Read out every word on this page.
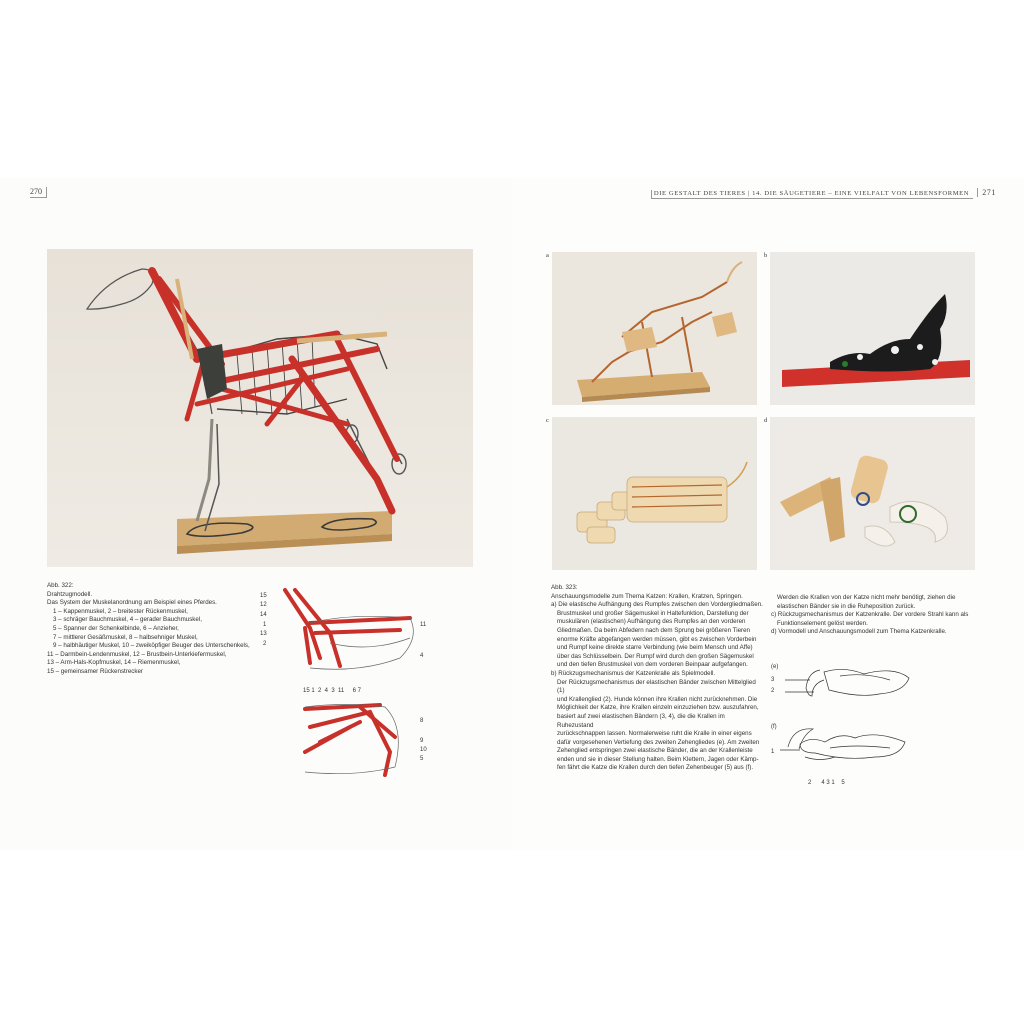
270	DIE GESTALT DES TIERES | 14. DIE SÄUGETIERE – EINE VIELFALT VON LEBENSFORMEN 271
a	b
c	d
Abb. 322:
Drahtzugmodell.
Das System der Muskelanordnung am Beispiel eines Pferdes.
1 – Kappenmuskel, 2 – breitester Rückenmuskel,
3 – schräger Bauchmuskel, 4 – gerader Bauchmuskel,
5 – Spanner der Schenkelbinde, 6 – Anzieher,
7 – mittlerer Gesäßmuskel, 8 – halbsehniger Muskel,
9 – halbhäutiger Muskel, 10 – zweiköpfiger Beuger des Unterschenkels,
11 – Darmbein-Lendenmuskel, 12 – Brustbein-Unterkiefermuskel,
13 – Arm-Hals-Kopfmuskel, 14 – Riemenmuskel,
15 – gemeinsamer Rückenstrecker
15
12
14
1
13
2
11
4
15 1  2  4  3  11     6 7
8
9
10
5
Abb. 323:
Anschauungsmodelle zum Thema Katzen: Krallen, Kratzen, Springen.
a) Die elastische Aufhängung des Rumpfes zwischen den Vordergliedmaßen.
Brustmuskel und großer Sägemuskel in Haltefunktion, Darstellung der
muskulären (elastischen) Aufhängung des Rumpfes an den vorderen
Gliedmaßen. Da beim Abfedern nach dem Sprung bei größeren Tieren
enorme Kräfte abgefangen werden müssen, gibt es zwischen Vorderbein
und Rumpf keine direkte starre Verbindung (wie beim Mensch und Affe)
über das Schlüsselbein. Der Rumpf wird durch den großen Sägemuskel
und den tiefen Brustmuskel von dem vorderen Beinpaar aufgefangen.
b) Rückzugsmechanismus der Katzenkralle als Spielmodell.
Der Rückzugsmechanismus der elastischen Bänder zwischen Mittelglied (1)
und Krallenglied (2). Hunde können ihre Krallen nicht zurücknehmen. Die
Möglichkeit der Katze, ihre Krallen einzeln einzuziehen bzw. auszufahren,
basiert auf zwei elastischen Bändern (3, 4), die die Krallen im Ruhezustand
zurückschnappen lassen. Normalerweise ruht die Kralle in einer eigens
dafür vorgesehenen Vertiefung des zweiten Zehengliedes (e). Am zweiten
Zehenglied entspringen zwei elastische Bänder, die an der Krallenleiste
enden und sie in dieser Stellung halten. Beim Klettern, Jagen oder Kämp-
fen fährt die Katze die Krallen durch den tiefen Zehenbeuger (5) aus (f).
Werden die Krallen von der Katze nicht mehr benötigt, ziehen die
elastischen Bänder sie in die Ruheposition zurück.
c) Rückzugsmechanismus der Katzenkralle. Der vordere Strahl kann als
Funktionselement gelöst werden.
d) Vormodell und Anschauungsmodell zum Thema Katzenkralle.
(e)
3
2
(f)
1
2      4 3 1    5
